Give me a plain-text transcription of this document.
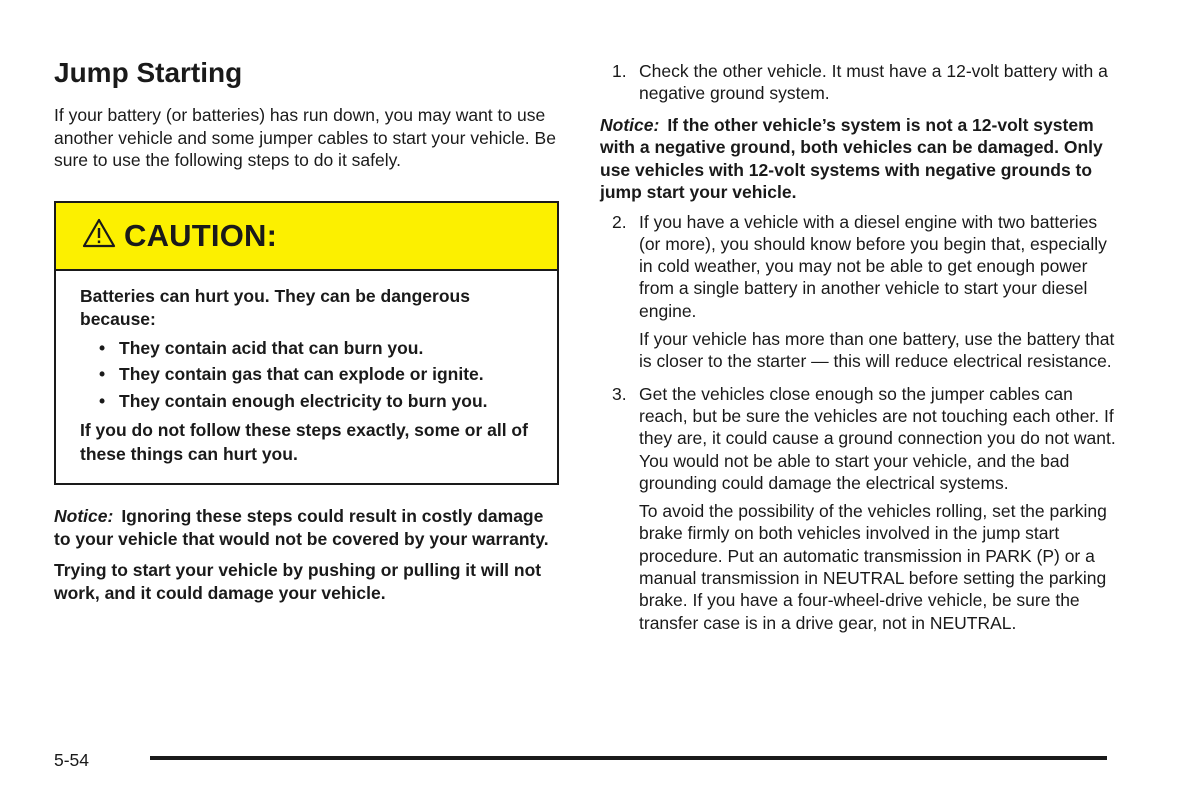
Jump Starting

If your battery (or batteries) has run down, you may want to use another vehicle and some jumper cables to start your vehicle. Be sure to use the following steps to do it safely.

CAUTION:

Batteries can hurt you. They can be dangerous because:

• They contain acid that can burn you.
• They contain gas that can explode or ignite.
• They contain enough electricity to burn you.

If you do not follow these steps exactly, some or all of these things can hurt you.

Notice: Ignoring these steps could result in costly damage to your vehicle that would not be covered by your warranty.

Trying to start your vehicle by pushing or pulling it will not work, and it could damage your vehicle.

1. Check the other vehicle. It must have a 12-volt battery with a negative ground system.

Notice: If the other vehicle’s system is not a 12-volt system with a negative ground, both vehicles can be damaged. Only use vehicles with 12-volt systems with negative grounds to jump start your vehicle.

2. If you have a vehicle with a diesel engine with two batteries (or more), you should know before you begin that, especially in cold weather, you may not be able to get enough power from a single battery in another vehicle to start your diesel engine.
If your vehicle has more than one battery, use the battery that is closer to the starter — this will reduce electrical resistance.
3. Get the vehicles close enough so the jumper cables can reach, but be sure the vehicles are not touching each other. If they are, it could cause a ground connection you do not want. You would not be able to start your vehicle, and the bad grounding could damage the electrical systems.
To avoid the possibility of the vehicles rolling, set the parking brake firmly on both vehicles involved in the jump start procedure. Put an automatic transmission in PARK (P) or a manual transmission in NEUTRAL before setting the parking brake. If you have a four-wheel-drive vehicle, be sure the transfer case is in a drive gear, not in NEUTRAL.
5-54
